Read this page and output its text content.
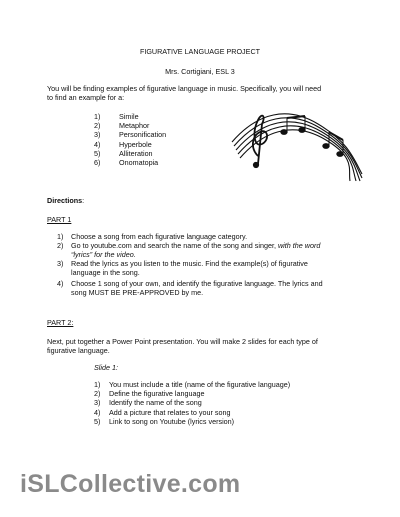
FIGURATIVE LANGUAGE PROJECT
Mrs. Cortigiani, ESL 3
You will be finding examples of figurative language in music. Specifically, you will need
to find an example for a:
1)	Simile
2)	Metaphor
3)	Personification
4)	Hyperbole
5)	Alliteration
6)	Onomatopia
Directions:
PART 1
1) Choose a song from each figurative language category.
2) Go to youtube.com and search the name of the song and singer, with the word
“lyrics” for the video.
3) Read the lyrics as you listen to the music. Find the example(s) of figurative
language in the song.
4) Choose 1 song of your own, and identify the figurative language. The lyrics and
song MUST BE PRE-APPROVED by me.
PART 2:
Next, put together a Power Point presentation. You will make 2 slides for each type of
figurative language.
Slide 1:
1) You must include a title (name of the figurative language)
2) Define the figurative language
3) Identify the name of the song
4) Add a picture that relates to your song
5) Link to song on Youtube (lyrics version)
iSLCollective.com
